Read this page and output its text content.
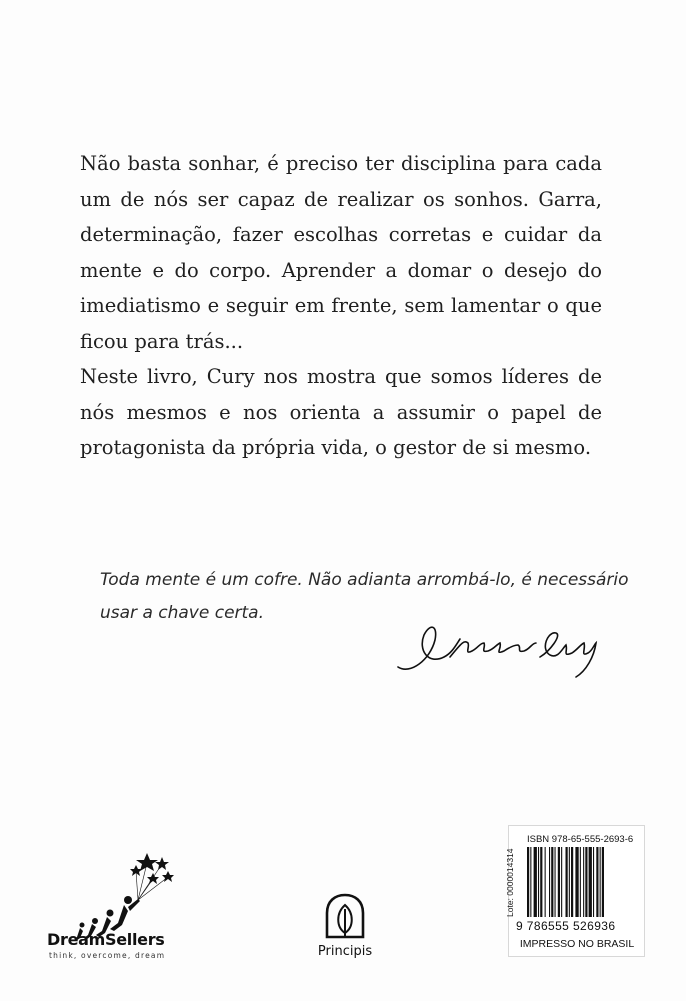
Não basta sonhar, é preciso ter disciplina para cada um de nós ser capaz de realizar os sonhos. Garra, determinação, fazer escolhas corretas e cuidar da mente e do corpo. Aprender a domar o desejo do imediatismo e seguir em frente, sem lamentar o que ficou para trás...

Neste livro, Cury nos mostra que somos líderes de nós mesmos e nos orienta a assumir o papel de protagonista da própria vida, o gestor de si mesmo.

Toda mente é um cofre. Não adianta arrombá-lo, é necessário
usar a chave certa.
DreamSellers
think, overcome, dream	Principis
ISBN 978-65-555-2693-6
Lote: 0000014314
9 786555 526936
IMPRESSO NO BRASIL
